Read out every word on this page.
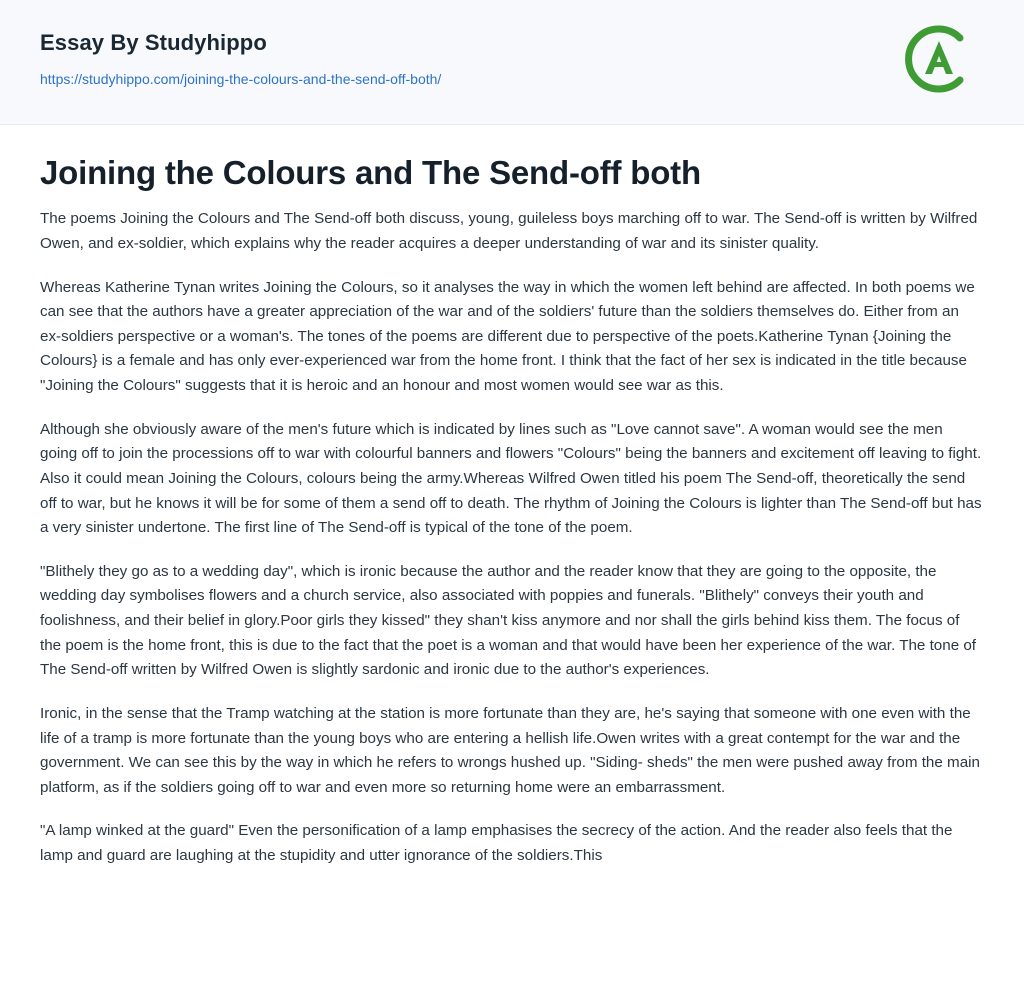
Essay By Studyhippo
https://studyhippo.com/joining-the-colours-and-the-send-off-both/
Joining the Colours and The Send-off both

The poems Joining the Colours and The Send-off both discuss, young, guileless boys marching off to war. The Send-off is written by Wilfred Owen, and ex-soldier, which explains why the reader acquires a deeper understanding of war and its sinister quality.

Whereas Katherine Tynan writes Joining the Colours, so it analyses the way in which the women left behind are affected. In both poems we can see that the authors have a greater appreciation of the war and of the soldiers' future than the soldiers themselves do. Either from an ex-soldiers perspective or a woman's. The tones of the poems are different due to perspective of the poets.Katherine Tynan {Joining the Colours} is a female and has only ever-experienced war from the home front. I think that the fact of her sex is indicated in the title because "Joining the Colours" suggests that it is heroic and an honour and most women would see war as this.

Although she obviously aware of the men's future which is indicated by lines such as "Love cannot save". A woman would see the men going off to join the processions off to war with colourful banners and flowers "Colours" being the banners and excitement off leaving to fight. Also it could mean Joining the Colours, colours being the army.Whereas Wilfred Owen titled his poem The Send-off, theoretically the send off to war, but he knows it will be for some of them a send off to death. The rhythm of Joining the Colours is lighter than The Send-off but has a very sinister undertone. The first line of The Send-off is typical of the tone of the poem.

"Blithely they go as to a wedding day", which is ironic because the author and the reader know that they are going to the opposite, the wedding day symbolises flowers and a church service, also associated with poppies and funerals. "Blithely" conveys their youth and foolishness, and their belief in glory.Poor girls they kissed" they shan't kiss anymore and nor shall the girls behind kiss them. The focus of the poem is the home front, this is due to the fact that the poet is a woman and that would have been her experience of the war. The tone of The Send-off written by Wilfred Owen is slightly sardonic and ironic due to the author's experiences.

Ironic, in the sense that the Tramp watching at the station is more fortunate than they are, he's saying that someone with one even with the life of a tramp is more fortunate than the young boys who are entering a hellish life.Owen writes with a great contempt for the war and the government. We can see this by the way in which he refers to wrongs hushed up. "Siding- sheds" the men were pushed away from the main platform, as if the soldiers going off to war and even more so returning home were an embarrassment.

"A lamp winked at the guard" Even the personification of a lamp emphasises the secrecy of the action. And the reader also feels that the lamp and guard are laughing at the stupidity and utter ignorance of the soldiers.This
